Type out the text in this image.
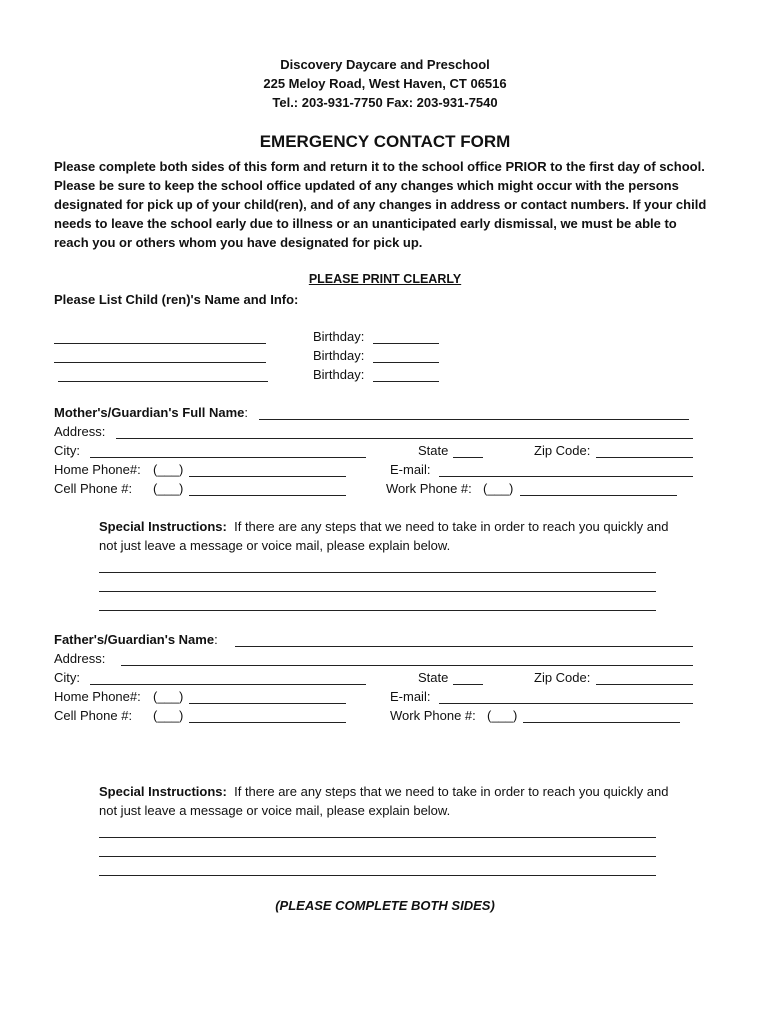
Discovery Daycare and Preschool
225 Meloy Road, West Haven, CT 06516
Tel.: 203-931-7750 Fax: 203-931-7540
EMERGENCY CONTACT FORM
Please complete both sides of this form and return it to the school office PRIOR to the first day of school.
Please be sure to keep the school office updated of any changes which might occur with the persons
designated for pick up of your child(ren), and of any changes in address or contact numbers. If your child
needs to leave the school early due to illness or an unanticipated early dismissal, we must be able to
reach you or others whom you have designated for pick up.
PLEASE PRINT CLEARLY
Please List Child (ren)'s Name and Info:
Birthday:
Birthday:
Birthday:
Mother's/Guardian's Full Name:
Address:
City:	State	Zip Code:
Home Phone#: (___)	E-mail:
Cell Phone #: (___)	Work Phone #: (___)
Special Instructions: If there are any steps that we need to take in order to reach you quickly and
not just leave a message or voice mail, please explain below.
Father's/Guardian's Name:
Address:
City:	State	Zip Code:
Home Phone#: (___)	E-mail:
Cell Phone #: (___)	Work Phone #: (___)
Special Instructions: If there are any steps that we need to take in order to reach you quickly and
not just leave a message or voice mail, please explain below.
(PLEASE COMPLETE BOTH SIDES)
